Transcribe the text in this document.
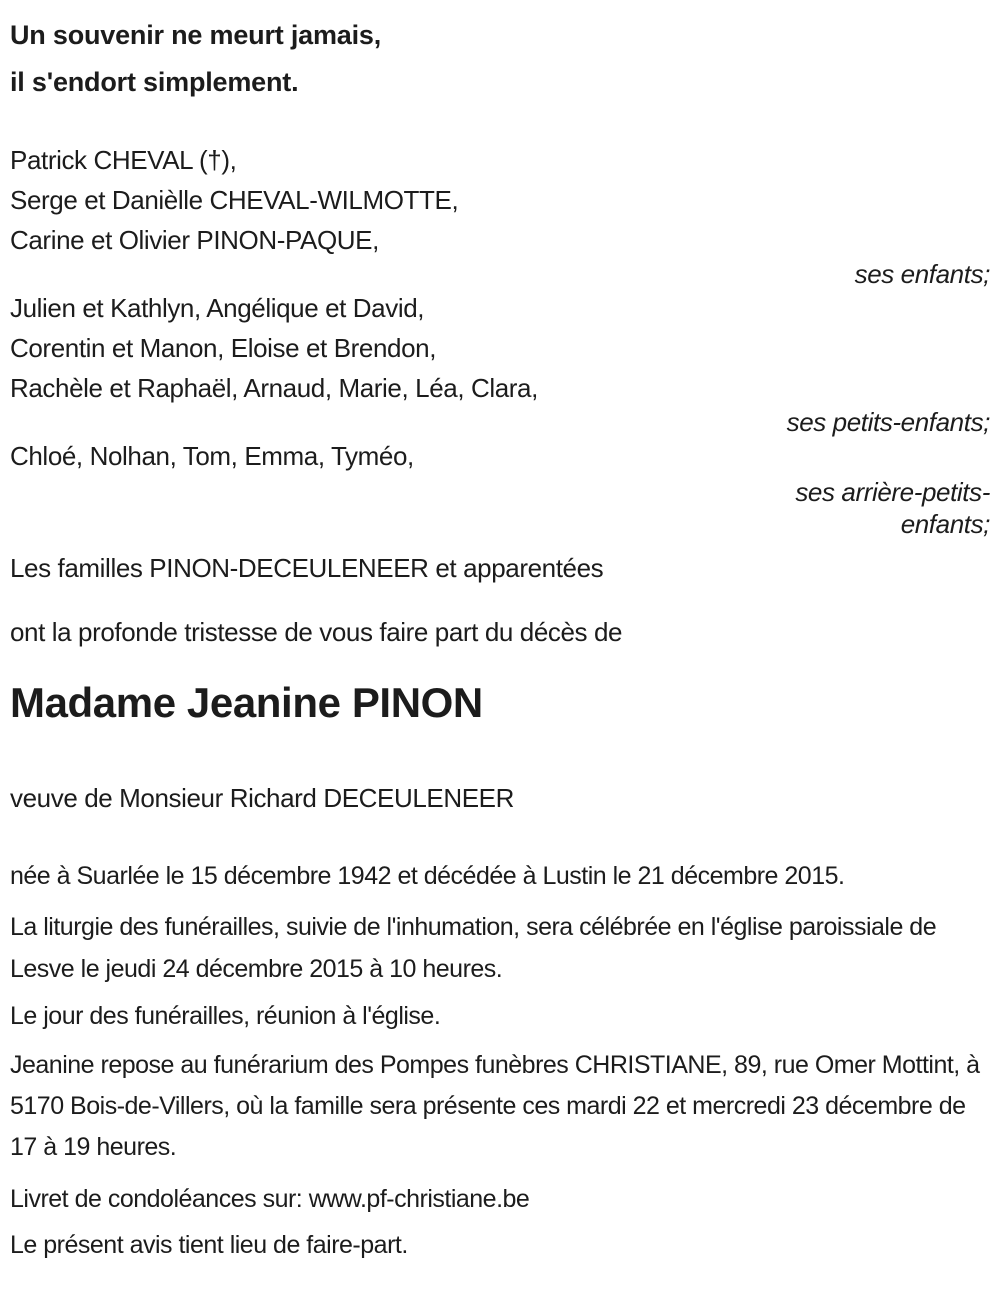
Un souvenir ne meurt jamais,

il s'endort simplement.

Patrick CHEVAL (†),

Serge et Danièlle CHEVAL-WILMOTTE,

Carine et Olivier PINON-PAQUE,

ses enfants;

Julien et Kathlyn, Angélique et David,

Corentin et Manon, Eloise et Brendon,

Rachèle et Raphaël, Arnaud, Marie, Léa, Clara,

ses petits-enfants;

Chloé, Nolhan, Tom, Emma, Tyméo,

ses arrière-petits-

enfants;

Les familles PINON-DECEULENEER et apparentées

ont la profonde tristesse de vous faire part du décès de

Madame Jeanine PINON

veuve de Monsieur Richard DECEULENEER

née à Suarlée le 15 décembre 1942 et décédée à Lustin le 21 décembre 2015.

La liturgie des funérailles, suivie de l'inhumation, sera célébrée en l'église paroissiale de Lesve le jeudi 24 décembre 2015 à 10 heures.

Le jour des funérailles, réunion à l'église.

Jeanine repose au funérarium des Pompes funèbres CHRISTIANE, 89, rue Omer Mottint, à 5170 Bois-de-Villers, où la famille sera présente ces mardi 22 et mercredi 23 décembre de 17 à 19 heures.

Livret de condoléances sur: www.pf-christiane.be

Le présent avis tient lieu de faire-part.
